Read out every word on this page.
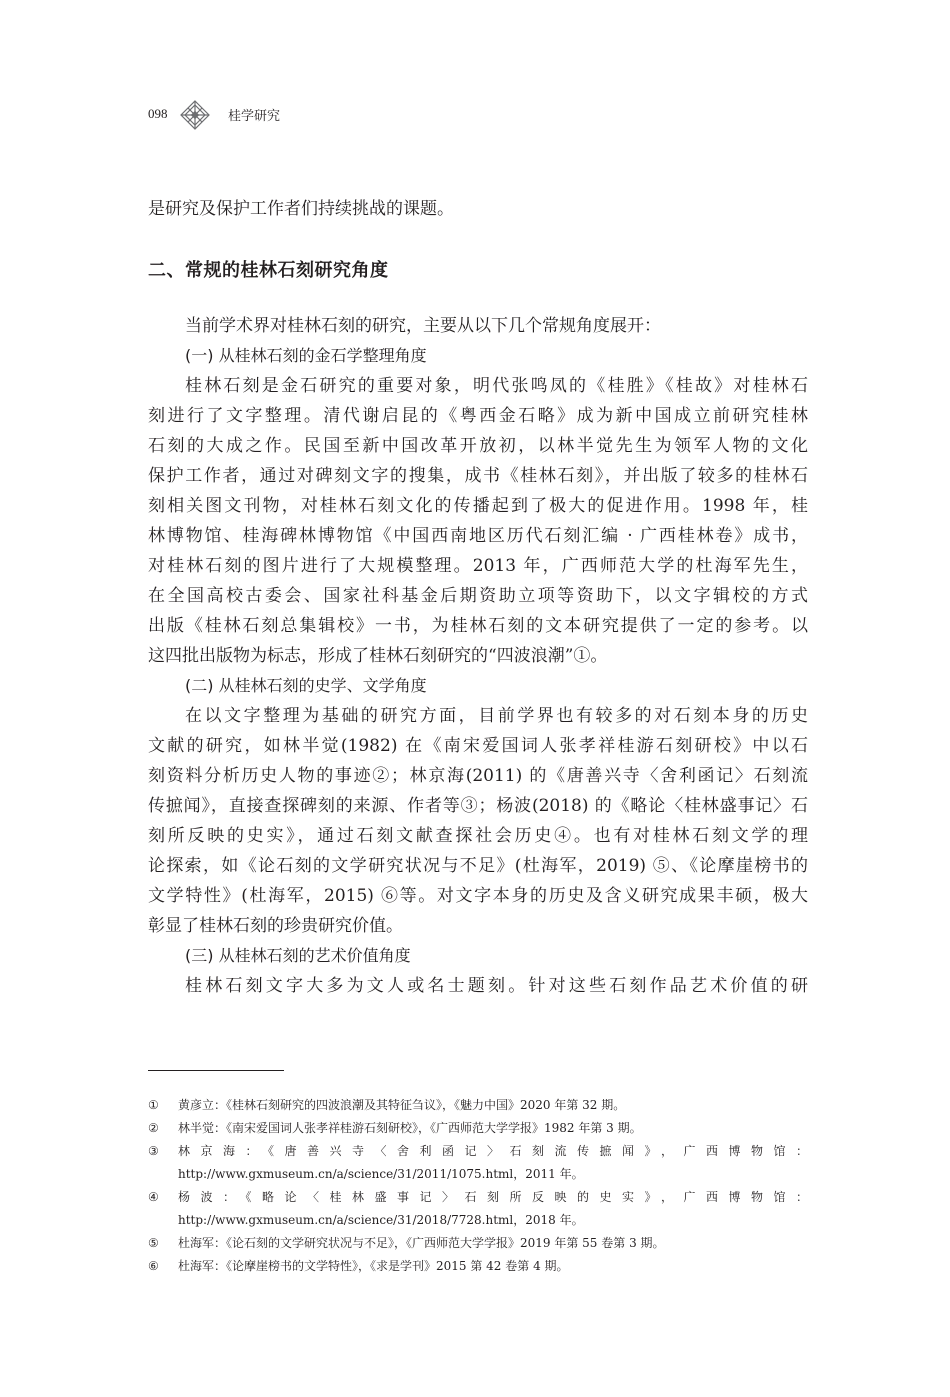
098	桂学研究
是研究及保护工作者们持续挑战的课题。
二、常规的桂林石刻研究角度
当前学术界对桂林石刻的研究，主要从以下几个常规角度展开：
(一) 从桂林石刻的金石学整理角度
桂林石刻是金石研究的重要对象，明代张鸣凤的《桂胜》《桂故》对桂林石
刻进行了文字整理。清代谢启昆的《粤西金石略》成为新中国成立前研究桂林
石刻的大成之作。民国至新中国改革开放初，以林半觉先生为领军人物的文化
保护工作者，通过对碑刻文字的搜集，成书《桂林石刻》，并出版了较多的桂林石
刻相关图文刊物，对桂林石刻文化的传播起到了极大的促进作用。1998 年，桂
林博物馆、桂海碑林博物馆《中国西南地区历代石刻汇编 · 广西桂林卷》成书，
对桂林石刻的图片进行了大规模整理。2013 年，广西师范大学的杜海军先生，
在全国高校古委会、国家社科基金后期资助立项等资助下，以文字辑校的方式
出版《桂林石刻总集辑校》一书，为桂林石刻的文本研究提供了一定的参考。以
这四批出版物为标志，形成了桂林石刻研究的“四波浪潮”①。
(二) 从桂林石刻的史学、文学角度
在以文字整理为基础的研究方面，目前学界也有较多的对石刻本身的历史
文献的研究，如林半觉(1982) 在《南宋爱国词人张孝祥桂游石刻研校》中以石
刻资料分析历史人物的事迹②；林京海(2011) 的《唐善兴寺〈舍利函记〉石刻流
传摭闻》，直接查探碑刻的来源、作者等③；杨波(2018) 的《略论〈桂林盛事记〉石
刻所反映的史实》，通过石刻文献查探社会历史④。也有对桂林石刻文学的理
论探索，如《论石刻的文学研究状况与不足》(杜海军，2019) ⑤、《论摩崖榜书的
文学特性》(杜海军，2015) ⑥等。对文字本身的历史及含义研究成果丰硕，极大
彰显了桂林石刻的珍贵研究价值。
(三) 从桂林石刻的艺术价值角度
桂林石刻文字大多为文人或名士题刻。针对这些石刻作品艺术价值的研
① 黄彦立：《桂林石刻研究的四波浪潮及其特征刍议》，《魅力中国》2020 年第 32 期。
② 林半觉：《南宋爱国词人张孝祥桂游石刻研校》，《广西师范大学学报》1982 年第 3 期。
③ 林京海：《唐善兴寺〈舍利函记〉石刻流传摭闻》，广西博物馆：http://www.gxmuseum.cn/a/science/31/2011/1075.html，2011 年。
④ 杨波：《略论〈桂林盛事记〉石刻所反映的史实》，广西博物馆：http://www.gxmuseum.cn/a/science/31/2018/7728.html，2018 年。
⑤ 杜海军：《论石刻的文学研究状况与不足》，《广西师范大学学报》2019 年第 55 卷第 3 期。
⑥ 杜海军：《论摩崖榜书的文学特性》，《求是学刊》2015 第 42 卷第 4 期。
